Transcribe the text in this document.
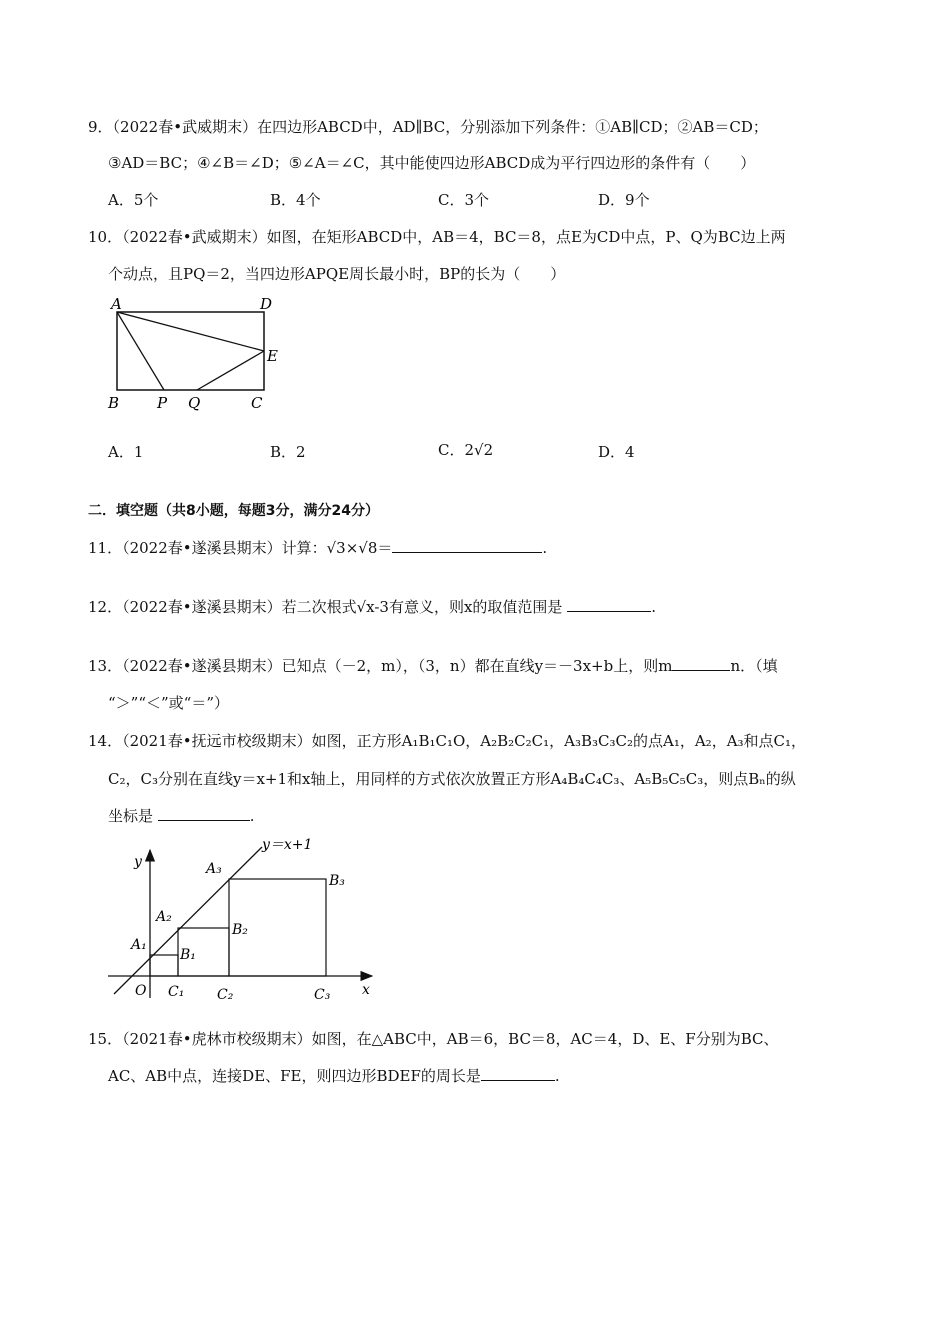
9．（2022春•武威期末）在四边形ABCD中，AD∥BC，分别添加下列条件：①AB∥CD；②AB＝CD；
③AD＝BC；④∠B＝∠D；⑤∠A＝∠C，其中能使四边形ABCD成为平行四边形的条件有（　　）
A．5个	B．4个	C．3个	D．9个
10．（2022春•武威期末）如图，在矩形ABCD中，AB＝4，BC＝8，点E为CD中点，P、Q为BC边上两
个动点，且PQ＝2，当四边形APQE周长最小时，BP的长为（　　）
A	D
E
B	P Q	C
A．1	B．2	C．2√2	D．4
二．填空题（共8小题，每题3分，满分24分）
11．（2022春•遂溪县期末）计算：√3×√8＝	.
12．（2022春•遂溪县期末）若二次根式√x-3有意义，则x的取值范围是	.
13．（2022春•遂溪县期末）已知点（－2，m），（3，n）都在直线y＝－3x+b上，则m	n．（填
“＞”“＜”或“＝”）
14．（2021春•抚远市校级期末）如图，正方形A₁B₁C₁O，A₂B₂C₂C₁，A₃B₃C₃C₂的点A₁，A₂，A₃和点C₁，
C₂，C₃分别在直线y＝x+1和x轴上，用同样的方式依次放置正方形A₄B₄C₄C₃、A₅B₅C₅C₃，则点Bₙ的纵
坐标是	.
y＝x+1
y
x
O
A₁
A₂
A₃
B₁
B₂
B₃
C₁ C₂	C₃
15．（2021春•虎林市校级期末）如图，在△ABC中，AB＝6，BC＝8，AC＝4，D、E、F分别为BC、
AC、AB中点，连接DE、FE，则四边形BDEF的周长是	.
